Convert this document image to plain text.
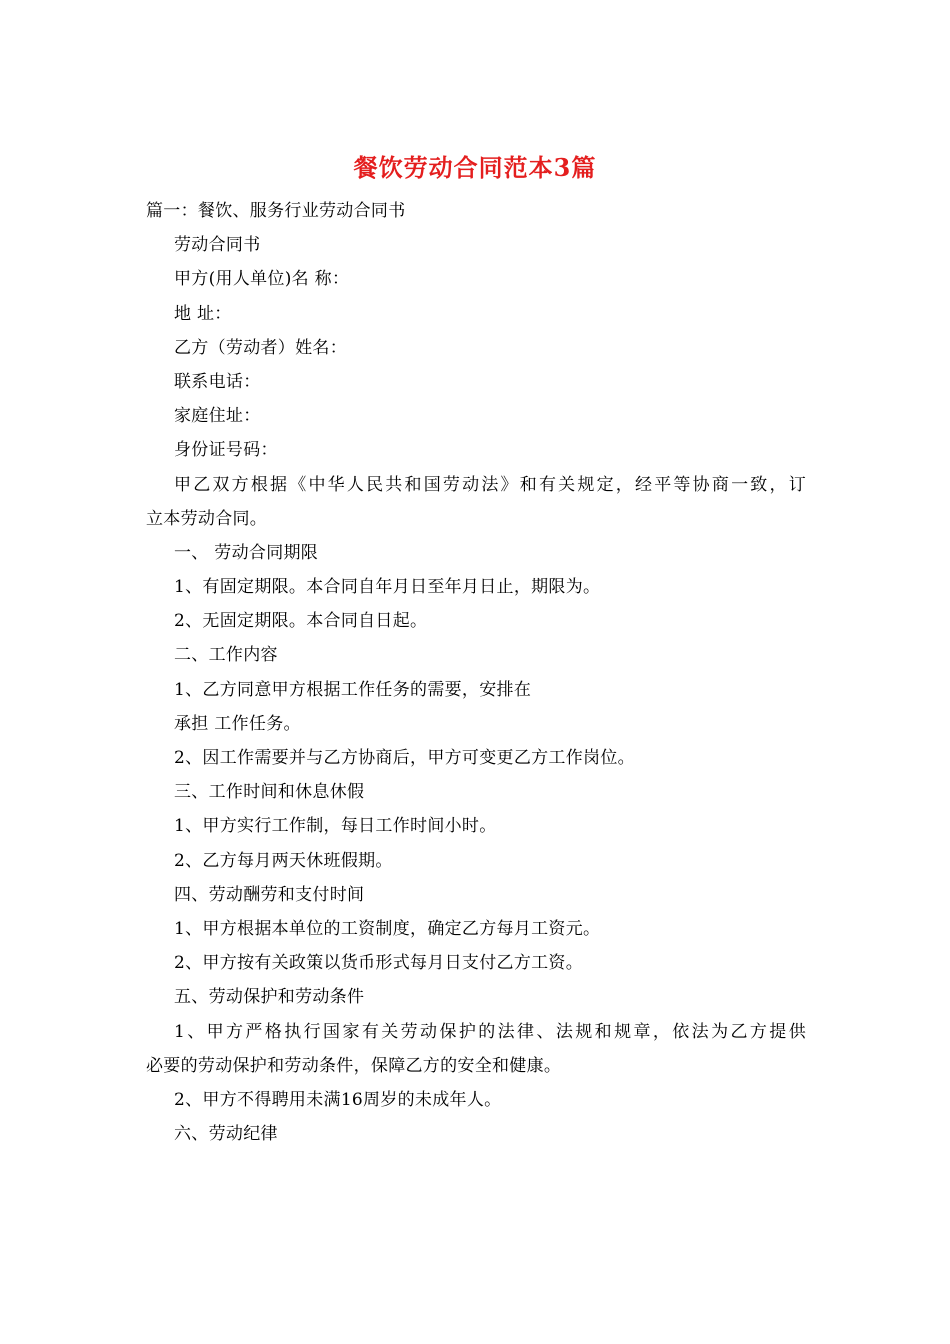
餐饮劳动合同范本3篇
篇一：餐饮、服务行业劳动合同书
劳动合同书
甲方(用人单位)名 称：
地 址：
乙方（劳动者）姓名：
联系电话：
家庭住址：
身份证号码：
甲乙双方根据《中华人民共和国劳动法》和有关规定，经平等协商一致，订
立本劳动合同。
一、 劳动合同期限
1、有固定期限。本合同自年月日至年月日止，期限为。
2、无固定期限。本合同自日起。
二、工作内容
1、乙方同意甲方根据工作任务的需要，安排在
承担 工作任务。
2、因工作需要并与乙方协商后，甲方可变更乙方工作岗位。
三、工作时间和休息休假
1、甲方实行工作制，每日工作时间小时。
2、乙方每月两天休班假期。
四、劳动酬劳和支付时间
1、甲方根据本单位的工资制度，确定乙方每月工资元。
2、甲方按有关政策以货币形式每月日支付乙方工资。
五、劳动保护和劳动条件
1、甲方严格执行国家有关劳动保护的法律、法规和规章，依法为乙方提供
必要的劳动保护和劳动条件，保障乙方的安全和健康。
2、甲方不得聘用未满16周岁的未成年人。
六、劳动纪律
